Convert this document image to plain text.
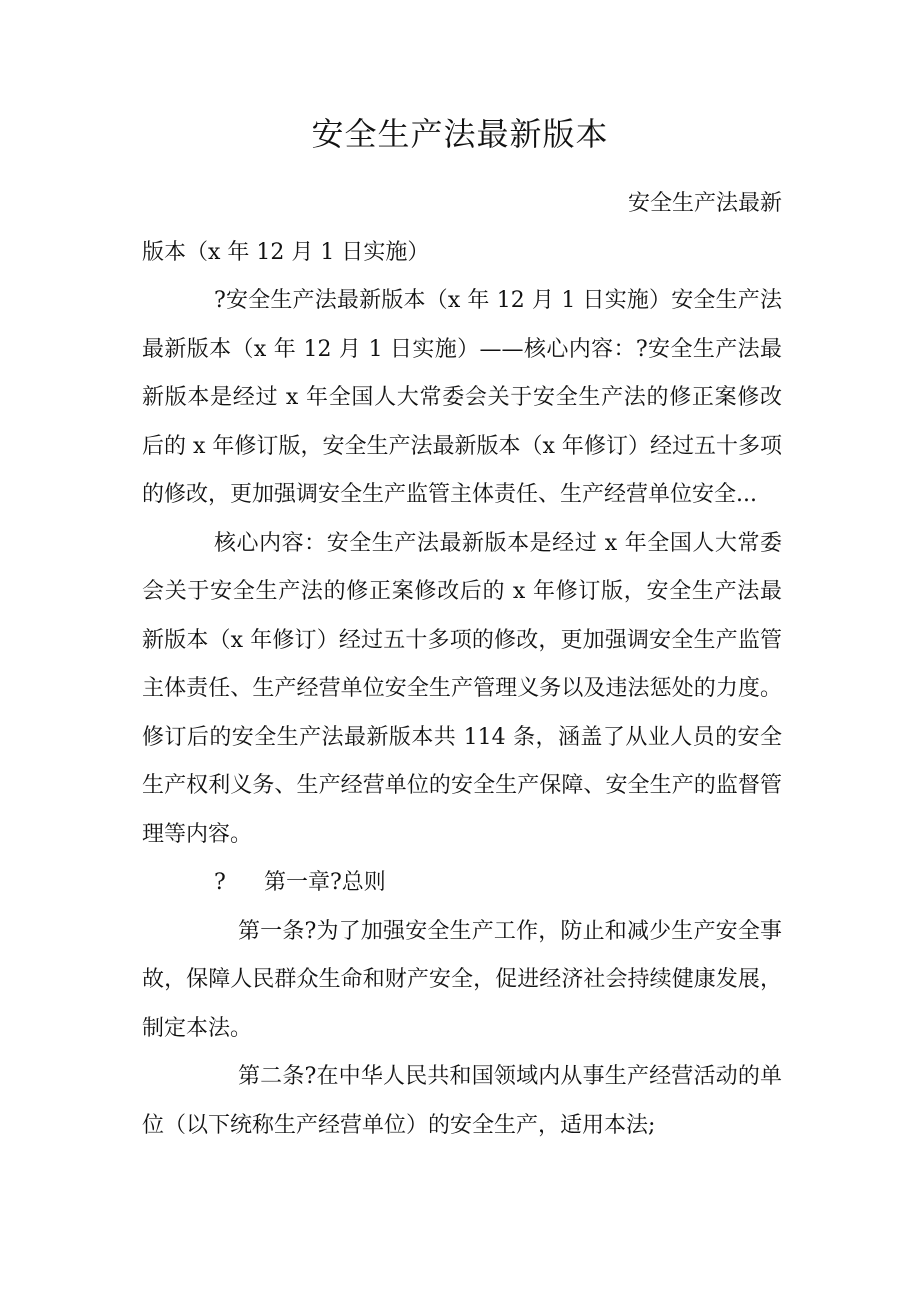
安全生产法最新版本

安全生产法最新

版本（x 年 12 月 1 日实施）

?安全生产法最新版本（x 年 12 月 1 日实施）安全生产法最新版本（x 年 12 月 1 日实施）——核心内容：?安全生产法最新版本是经过 x 年全国人大常委会关于安全生产法的修正案修改后的 x 年修订版，安全生产法最新版本（x 年修订）经过五十多项的修改，更加强调安全生产监管主体责任、生产经营单位安全...

核心内容：安全生产法最新版本是经过 x 年全国人大常委会关于安全生产法的修正案修改后的 x 年修订版，安全生产法最新版本（x 年修订）经过五十多项的修改，更加强调安全生产监管主体责任、生产经营单位安全生产管理义务以及违法惩处的力度。修订后的安全生产法最新版本共 114 条，涵盖了从业人员的安全生产权利义务、生产经营单位的安全生产保障、安全生产的监督管理等内容。

? 第一章?总则

第一条?为了加强安全生产工作，防止和减少生产安全事故，保障人民群众生命和财产安全，促进经济社会持续健康发展，制定本法。

第二条?在中华人民共和国领域内从事生产经营活动的单位（以下统称生产经营单位）的安全生产，适用本法;
